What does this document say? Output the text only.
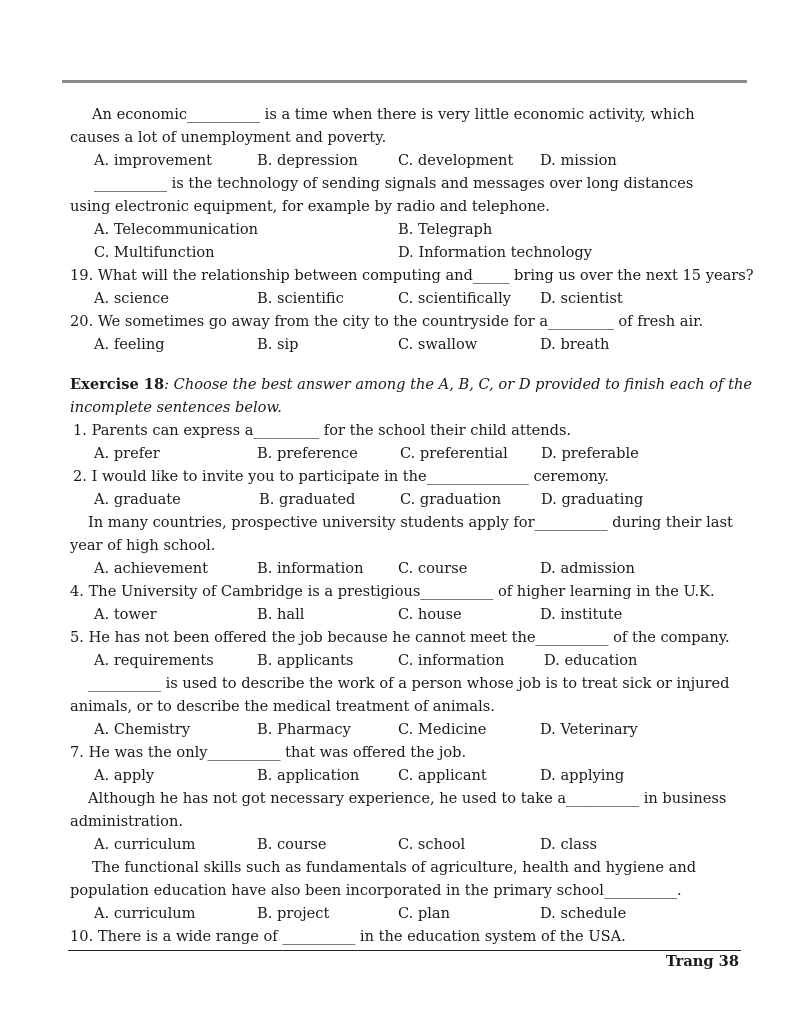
An economic__________ is a time when there is very little economic activity, which
causes a lot of unemployment and poverty.
A. improvement	B. depression	C. development D. mission
__________ is the technology of sending signals and messages over long distances
using electronic equipment, for example by radio and telephone.
A. Telecommunication	B. Telegraph
C. Multifunction	D. Information technology
19. What will the relationship between computing and_____ bring us over the next 15 years?
A. science	B. scientific	C. scientifically D. scientist
20. We sometimes go away from the city to the countryside for a_________ of fresh air.
A. feeling	B. sip	C. swallow	D. breath
Exercise 18: Choose the best answer among the A, B, C, or D provided to finish each of the
incomplete sentences below.
1. Parents can express a_________ for the school their child attends.
A. prefer	B. preference	C. preferential D. preferable
2. I would like to invite you to participate in the______________ ceremony.
A. graduate	B. graduated	C. graduation	D. graduating
In many countries, prospective university students apply for__________ during their last
year of high school.
A. achievement	B. information C. course	D. admission
4. The University of Cambridge is a prestigious__________ of higher learning in the U.K.
A. tower	B. hall	C. house	D. institute
5. He has not been offered the job because he cannot meet the__________ of the company.
A. requirements	B. applicants	C. information	D. education
__________ is used to describe the work of a person whose job is to treat sick or injured
animals, or to describe the medical treatment of animals.
A. Chemistry	B. Pharmacy	C. Medicine	D. Veterinary
7. He was the only__________ that was offered the job.
A. apply	B. application	C. applicant	D. applying
Although he has not got necessary experience, he used to take a__________ in business
administration.
A. curriculum	B. course	C. school	D. class
The functional skills such as fundamentals of agriculture, health and hygiene and
population education have also been incorporated in the primary school__________.
A. curriculum	B. project	C. plan	D. schedule
10. There is a wide range of __________ in the education system of the USA.
Trang 38
